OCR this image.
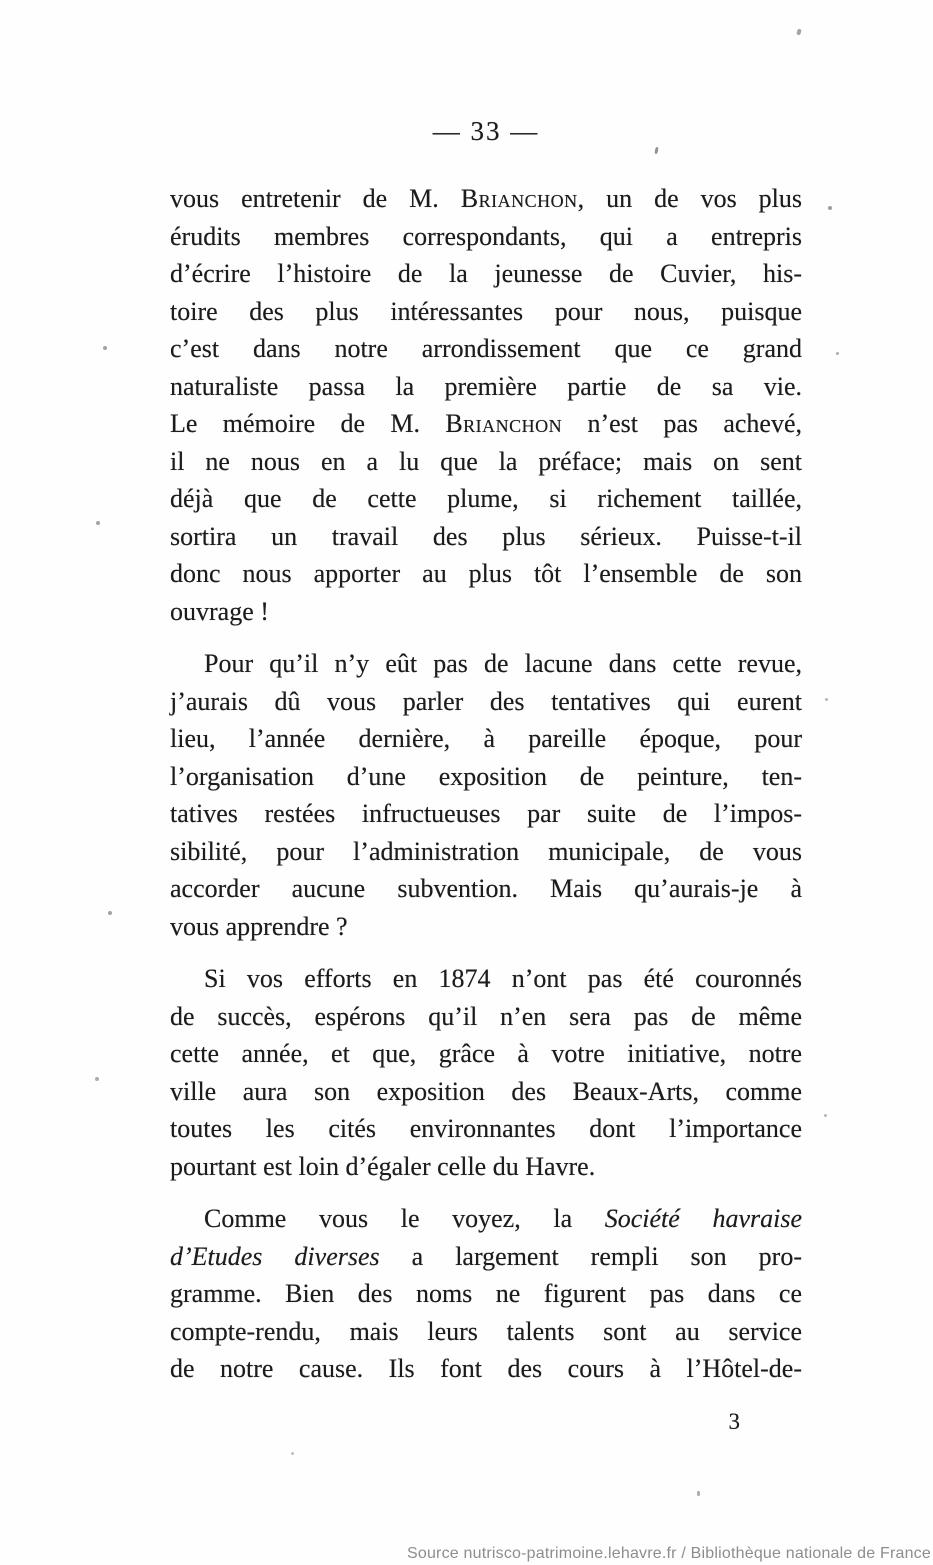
— 33 —
vous entretenir de M. Brianchon, un de vos plus
érudits membres correspondants, qui a entrepris
d’écrire l’histoire de la jeunesse de Cuvier, his-
toire des plus intéressantes pour nous, puisque
c’est dans notre arrondissement que ce grand
naturaliste passa la première partie de sa vie.
Le mémoire de M. Brianchon n’est pas achevé,
il ne nous en a lu que la préface; mais on sent
déjà que de cette plume, si richement taillée,
sortira un travail des plus sérieux. Puisse-t-il
donc nous apporter au plus tôt l’ensemble de son
ouvrage !
Pour qu’il n’y eût pas de lacune dans cette revue,
j’aurais dû vous parler des tentatives qui eurent
lieu, l’année dernière, à pareille époque, pour
l’organisation d’une exposition de peinture, ten-
tatives restées infructueuses par suite de l’impos-
sibilité, pour l’administration municipale, de vous
accorder aucune subvention. Mais qu’aurais-je à
vous apprendre ?
Si vos efforts en 1874 n’ont pas été couronnés
de succès, espérons qu’il n’en sera pas de même
cette année, et que, grâce à votre initiative, notre
ville aura son exposition des Beaux-Arts, comme
toutes les cités environnantes dont l’importance
pourtant est loin d’égaler celle du Havre.
Comme vous le voyez, la Société havraise
d’Etudes diverses a largement rempli son pro-
gramme. Bien des noms ne figurent pas dans ce
compte-rendu, mais leurs talents sont au service
de notre cause. Ils font des cours à l’Hôtel-de-
3
Source nutrisco-patrimoine.lehavre.fr / Bibliothèque nationale de France
